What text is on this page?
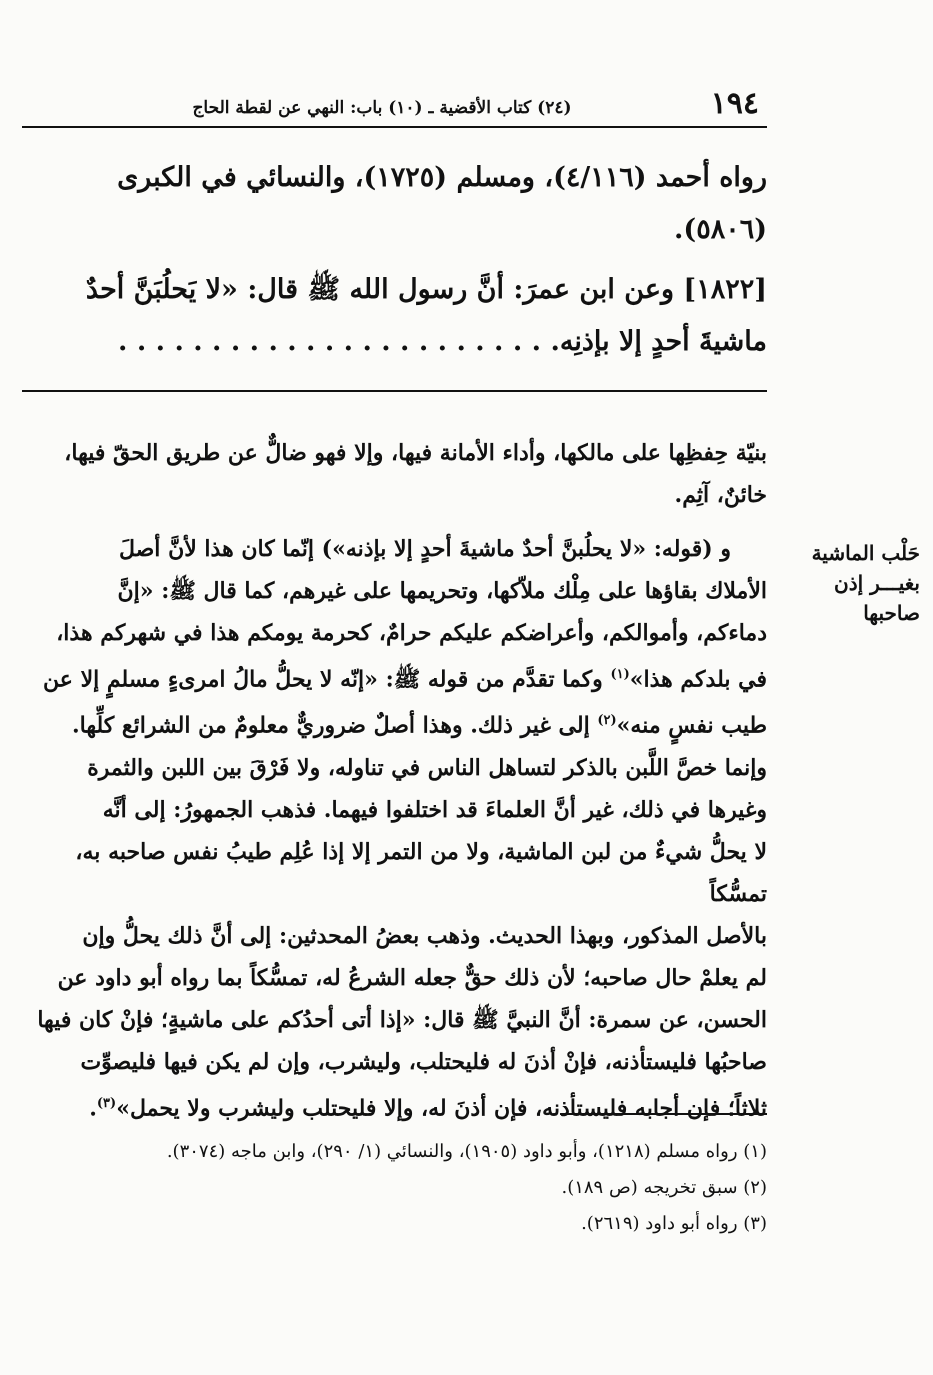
١٩٤
(٢٤) كتاب الأقضية ـ (١٠) باب: النهي عن لقطة الحاج
رواه أحمد (٤/١١٦)، ومسلم (١٧٢٥)، والنسائي في الكبرى
(٥٨٠٦).
[١٨٢٢] وعن ابن عمرَ: أنَّ رسول الله ﷺ قال: «لا يَحلُبَنَّ أحدٌ
ماشيةَ أحدٍ إلا بإذنِه. . . . . . . . . . . . . . . . . . . . . . . .
بنيّة حِفظِها على مالكها، وأداء الأمانة فيها، وإلا فهو ضالٌّ عن طريق الحقّ فيها،
خائنٌ، آثِم.
و (قوله: «لا يحلُبنَّ أحدٌ ماشيةَ أحدٍ إلا بإذنه») إنّما كان هذا لأنَّ أصلَ
الأملاك بقاؤها على مِلْك ملاّكها، وتحريمها على غيرهم، كما قال ﷺ: «إنَّ
دماءكم، وأموالكم، وأعراضكم عليكم حرامٌ، كحرمة يومكم هذا في شهركم هذا،
في بلدكم هذا»$^{(١)}$ وكما تقدَّم من قوله ﷺ: «إنّه لا يحلُّ مالُ امرىءٍ مسلمٍ إلا عن
طيب نفسٍ منه»$^{(٢)}$ إلى غير ذلك. وهذا أصلٌ ضروريٌّ معلومٌ من الشرائع كلِّها.
وإنما خصَّ اللَّبن بالذكر لتساهل الناس في تناوله، ولا فَرْقَ بين اللبن والثمرة
وغيرها في ذلك، غير أنَّ العلماءَ قد اختلفوا فيهما. فذهب الجمهورُ: إلى أنَّه
لا يحلُّ شيءٌ من لبن الماشية، ولا من التمر إلا إذا عُلِم طيبُ نفس صاحبه به، تمسُّكاً
بالأصل المذكور، وبهذا الحديث. وذهب بعضُ المحدثين: إلى أنَّ ذلك يحلُّ وإن
لم يعلمْ حال صاحبه؛ لأن ذلك حقٌّ جعله الشرعُ له، تمسُّكاً بما رواه أبو داود عن
الحسن، عن سمرة: أنَّ النبيَّ ﷺ قال: «إذا أتى أحدُكم على ماشيةٍ؛ فإنْ كان فيها
صاحبُها فليستأذنه، فإنْ أذنَ له فليحتلب، وليشرب، وإن لم يكن فيها فليصوِّت
ثلاثاً؛ فإن أجابه فليستأذنه، فإن أذنَ له، وإلا فليحتلب وليشرب ولا يحمل»$^{(٣)}$.
حَلْب الماشية
بغيـــر إذن
صاحبها
(١) رواه مسلم (١٢١٨)، وأبو داود (١٩٠٥)، والنسائي (١/ ٢٩٠)، وابن ماجه (٣٠٧٤).
(٢) سبق تخريجه (ص ١٨٩).
(٣) رواه أبو داود (٢٦١٩).
